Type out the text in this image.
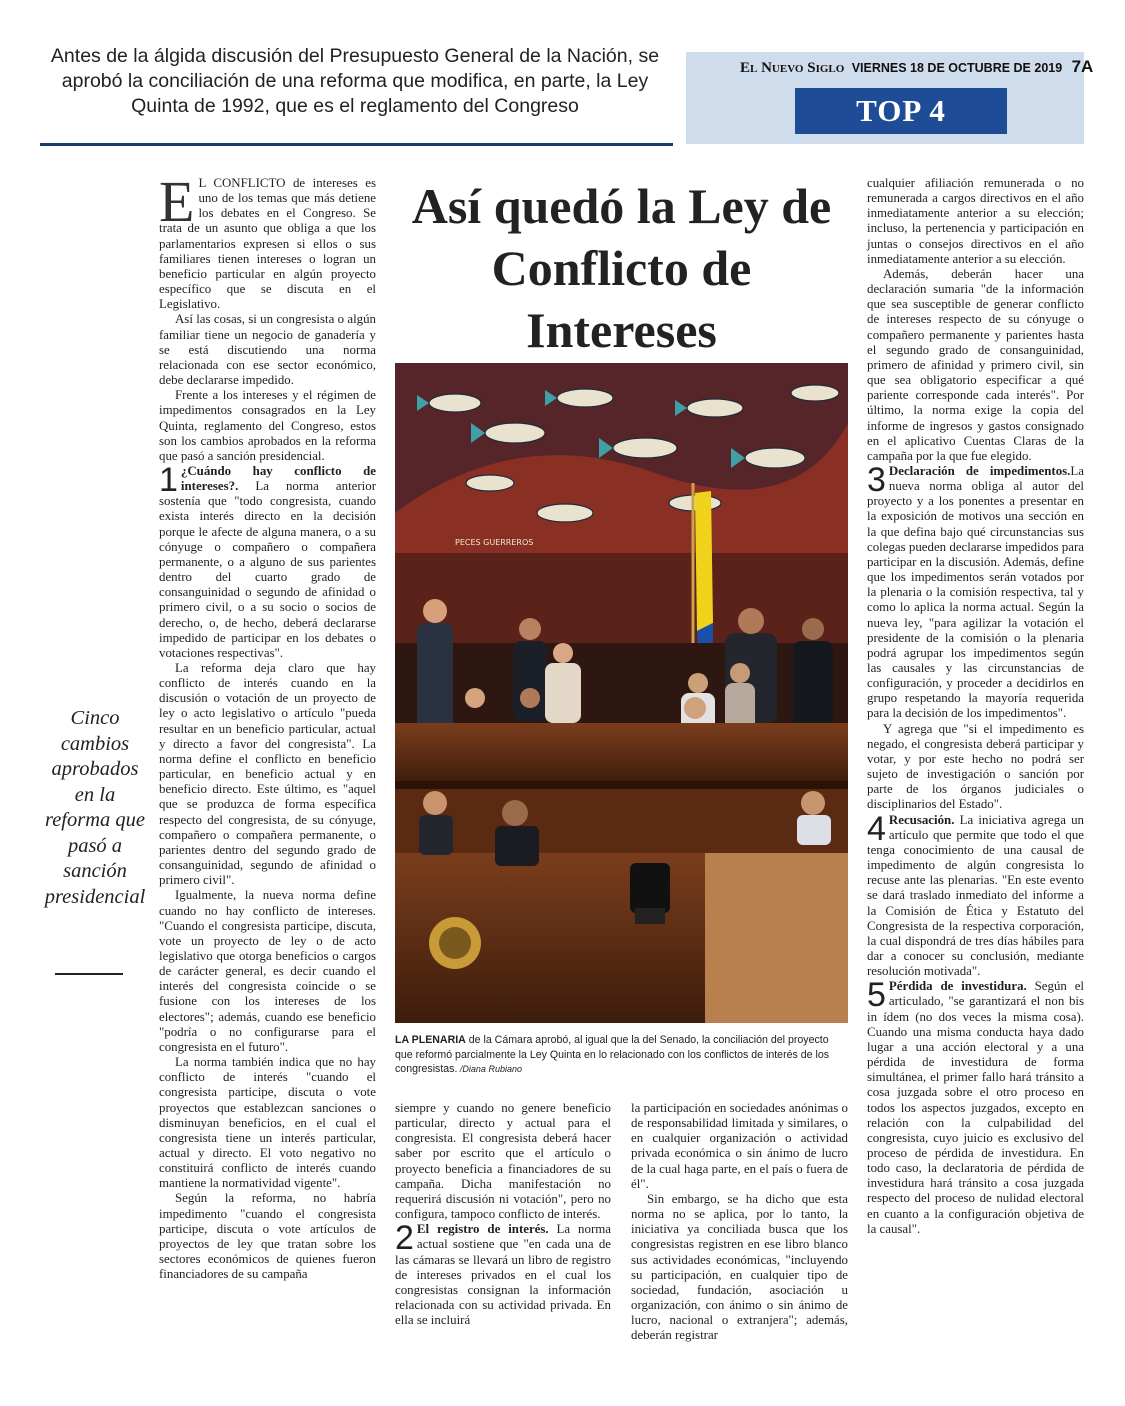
Antes de la álgida discusión del Presupuesto General de la Nación, se aprobó la conciliación de una reforma que modifica, en parte, la Ley Quinta de 1992, que es el reglamento del Congreso
El Nuevo Siglo VIERNES 18 DE OCTUBRE DE 2019 7A
TOP 4
Así quedó la Ley de Conflicto de Intereses
PECES GUERREROS
LA PLENARIA de la Cámara aprobó, al igual que la del Senado, la conciliación del proyecto que reformó parcialmente la Ley Quinta en lo relacionado con los conflictos de interés de los congresistas. /Diana Rubiano
Cinco cambios aprobados en la reforma que pasó a sanción presidencial

E L CONFLICTO de intereses es uno de los temas que más detiene los debates en el Congreso. Se trata de un asunto que obliga a que los parlamentarios expresen si ellos o sus familiares tienen intereses o logran un beneficio particular en algún proyecto específico que se discuta en el Legislativo.

Así las cosas, si un congresista o algún familiar tiene un negocio de ganadería y se está discutiendo una norma relacionada con ese sector económico, debe declararse impedido.

Frente a los intereses y el régimen de impedimentos consagrados en la Ley Quinta, reglamento del Congreso, estos son los cambios aprobados en la reforma que pasó a sanción presidencial.

1 ¿Cuándo hay conflicto de intereses?. La norma anterior sostenía que "todo congresista, cuando exista interés directo en la decisión porque le afecte de alguna manera, o a su cónyuge o compañero o compañera permanente, o a alguno de sus parientes dentro del cuarto grado de consanguinidad o segundo de afinidad o primero civil, o a su socio o socios de derecho, o, de hecho, deberá declararse impedido de participar en los debates o votaciones respectivas".

La reforma deja claro que hay conflicto de interés cuando en la discusión o votación de un proyecto de ley o acto legislativo o artículo "pueda resultar en un beneficio particular, actual y directo a favor del congresista". La norma define el conflicto en beneficio particular, en beneficio actual y en beneficio directo. Este último, es "aquel que se produzca de forma específica respecto del congresista, de su cónyuge, compañero o compañera permanente, o parientes dentro del segundo grado de consanguinidad, segundo de afinidad o primero civil".

Igualmente, la nueva norma define cuando no hay conflicto de intereses. "Cuando el congresista participe, discuta, vote un proyecto de ley o de acto legislativo que otorga beneficios o cargos de carácter general, es decir cuando el interés del congresista coincide o se fusione con los intereses de los electores"; además, cuando ese beneficio "podría o no configurarse para el congresista en el futuro".

La norma también indica que no hay conflicto de interés "cuando el congresista participe, discuta o vote proyectos que establezcan sanciones o disminuyan beneficios, en el cual el congresista tiene un interés particular, actual y directo. El voto negativo no constituirá conflicto de interés cuando mantiene la normatividad vigente".

Según la reforma, no habría impedimento "cuando el congresista participe, discuta o vote artículos de proyectos de ley que tratan sobre los sectores económicos de quienes fueron financiadores de su campaña

siempre y cuando no genere beneficio particular, directo y actual para el congresista. El congresista deberá hacer saber por escrito que el artículo o proyecto beneficia a financiadores de su campaña. Dicha manifestación no requerirá discusión ni votación", pero no configura, tampoco conflicto de interés.

2 El registro de interés. La norma actual sostiene que "en cada una de las cámaras se llevará un libro de registro de intereses privados en el cual los congresistas consignan la información relacionada con su actividad privada. En ella se incluirá

la participación en sociedades anónimas o de responsabilidad limitada y similares, o en cualquier organización o actividad privada económica o sin ánimo de lucro de la cual haga parte, en el país o fuera de él".

Sin embargo, se ha dicho que esta norma no se aplica, por lo tanto, la iniciativa ya conciliada busca que los congresistas registren en ese libro blanco sus actividades económicas, "incluyendo su participación, en cualquier tipo de sociedad, fundación, asociación u organización, con ánimo o sin ánimo de lucro, nacional o extranjera"; además, deberán registrar

cualquier afiliación remunerada o no remunerada a cargos directivos en el año inmediatamente anterior a su elección; incluso, la pertenencia y participación en juntas o consejos directivos en el año inmediatamente anterior a su elección.

Además, deberán hacer una declaración sumaria "de la información que sea susceptible de generar conflicto de intereses respecto de su cónyuge o compañero permanente y parientes hasta el segundo grado de consanguinidad, primero de afinidad y primero civil, sin que sea obligatorio especificar a qué pariente corresponde cada interés". Por último, la norma exige la copia del informe de ingresos y gastos consignado en el aplicativo Cuentas Claras de la campaña por la que fue elegido.

3 Declaración de impedimentos.La nueva norma obliga al autor del proyecto y a los ponentes a presentar en la exposición de motivos una sección en la que defina bajo qué circunstancias sus colegas pueden declararse impedidos para participar en la discusión. Además, define que los impedimentos serán votados por la plenaria o la comisión respectiva, tal y como lo aplica la norma actual. Según la nueva ley, "para agilizar la votación el presidente de la comisión o la plenaria podrá agrupar los impedimentos según las causales y las circunstancias de configuración, y proceder a decidirlos en grupo respetando la mayoría requerida para la decisión de los impedimentos".

Y agrega que "si el impedimento es negado, el congresista deberá participar y votar, y por este hecho no podrá ser sujeto de investigación o sanción por parte de los órganos judiciales o disciplinarios del Estado".

4 Recusación. La iniciativa agrega un artículo que permite que todo el que tenga conocimiento de una causal de impedimento de algún congresista lo recuse ante las plenarias. "En este evento se dará traslado inmediato del informe a la Comisión de Ética y Estatuto del Congresista de la respectiva corporación, la cual dispondrá de tres días hábiles para dar a conocer su conclusión, mediante resolución motivada".

5 Pérdida de investidura. Según el articulado, "se garantizará el non bis in ídem (no dos veces la misma cosa). Cuando una misma conducta haya dado lugar a una acción electoral y a una pérdida de investidura de forma simultánea, el primer fallo hará tránsito a cosa juzgada sobre el otro proceso en todos los aspectos juzgados, excepto en relación con la culpabilidad del congresista, cuyo juicio es exclusivo del proceso de pérdida de investidura. En todo caso, la declaratoria de pérdida de investidura hará tránsito a cosa juzgada respecto del proceso de nulidad electoral en cuanto a la configuración objetiva de la causal".
